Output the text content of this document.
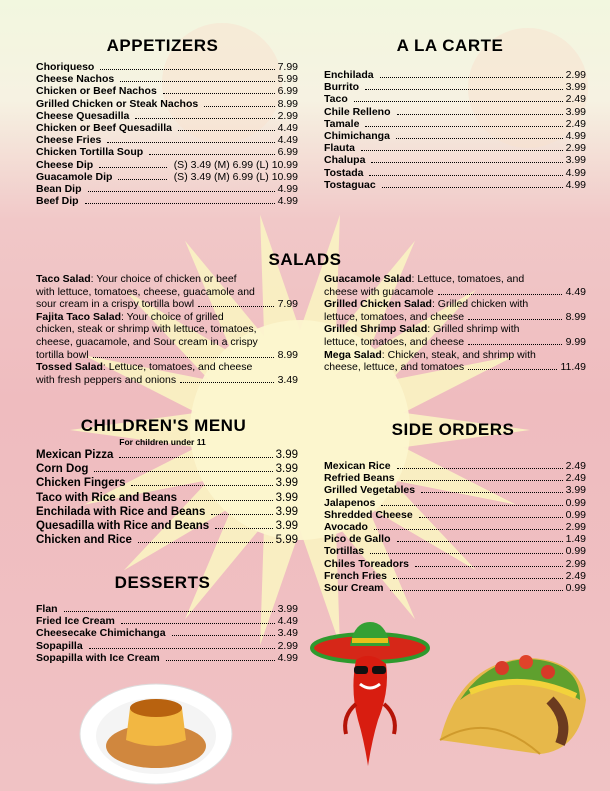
APPETIZERS
Choriqueso	7.99
Cheese Nachos	5.99
Chicken or Beef Nachos	6.99
Grilled Chicken or Steak Nachos	8.99
Cheese Quesadilla	2.99
Chicken or Beef Quesadilla	4.49
Cheese Fries	4.49
Chicken Tortilla Soup	6.99
Cheese Dip	(S) 3.49 (M) 6.99 (L) 10.99
Guacamole Dip	(S) 3.49 (M) 6.99 (L) 10.99
Bean Dip	4.99
Beef Dip	4.99
A LA CARTE
Enchilada	2.99
Burrito	3.99
Taco	2.49
Chile Relleno	3.99
Tamale	2.49
Chimichanga	4.99
Flauta	2.99
Chalupa	3.99
Tostada	4.99
Tostaguac	4.99
SALADS
Taco Salad : Your choice of chicken or beef
with lettuce, tomatoes, cheese, guacamole and
sour cream in a crispy tortilla bowl	7.99
Fajita Taco Salad : Your choice of grilled
chicken, steak or shrimp with lettuce, tomatoes,
cheese, guacamole, and Sour cream in a crispy
tortilla bowl	8.99
Tossed Salad : Lettuce, tomatoes, and cheese
with fresh peppers and onions	3.49
Guacamole Salad : Lettuce, tomatoes, and
cheese with guacamole	4.49
Grilled Chicken Salad : Grilled chicken with
lettuce, tomatoes, and cheese	8.99
Grilled Shrimp Salad : Grilled shrimp with
lettuce, tomatoes, and cheese	9.99
Mega Salad : Chicken, steak, and shrimp with
cheese, lettuce, and tomatoes	11.49
CHILDREN'S MENU
For children under 11
Mexican Pizza	3.99
Corn Dog	3.99
Chicken Fingers	3.99
Taco with Rice and Beans	3.99
Enchilada with Rice and Beans	3.99
Quesadilla with Rice and Beans	3.99
Chicken and Rice	5.99
SIDE ORDERS
Mexican Rice	2.49
Refried Beans	2.49
Grilled Vegetables	3.99
Jalapenos	0.99
Shredded Cheese	0.99
Avocado	2.99
Pico de Gallo	1.49
Tortillas	0.99
Chiles Toreadors	2.99
French Fries	2.49
Sour Cream	0.99
DESSERTS
Flan	3.99
Fried Ice Cream	4.49
Cheesecake Chimichanga	3.49
Sopapilla	2.99
Sopapilla with Ice Cream	4.99
